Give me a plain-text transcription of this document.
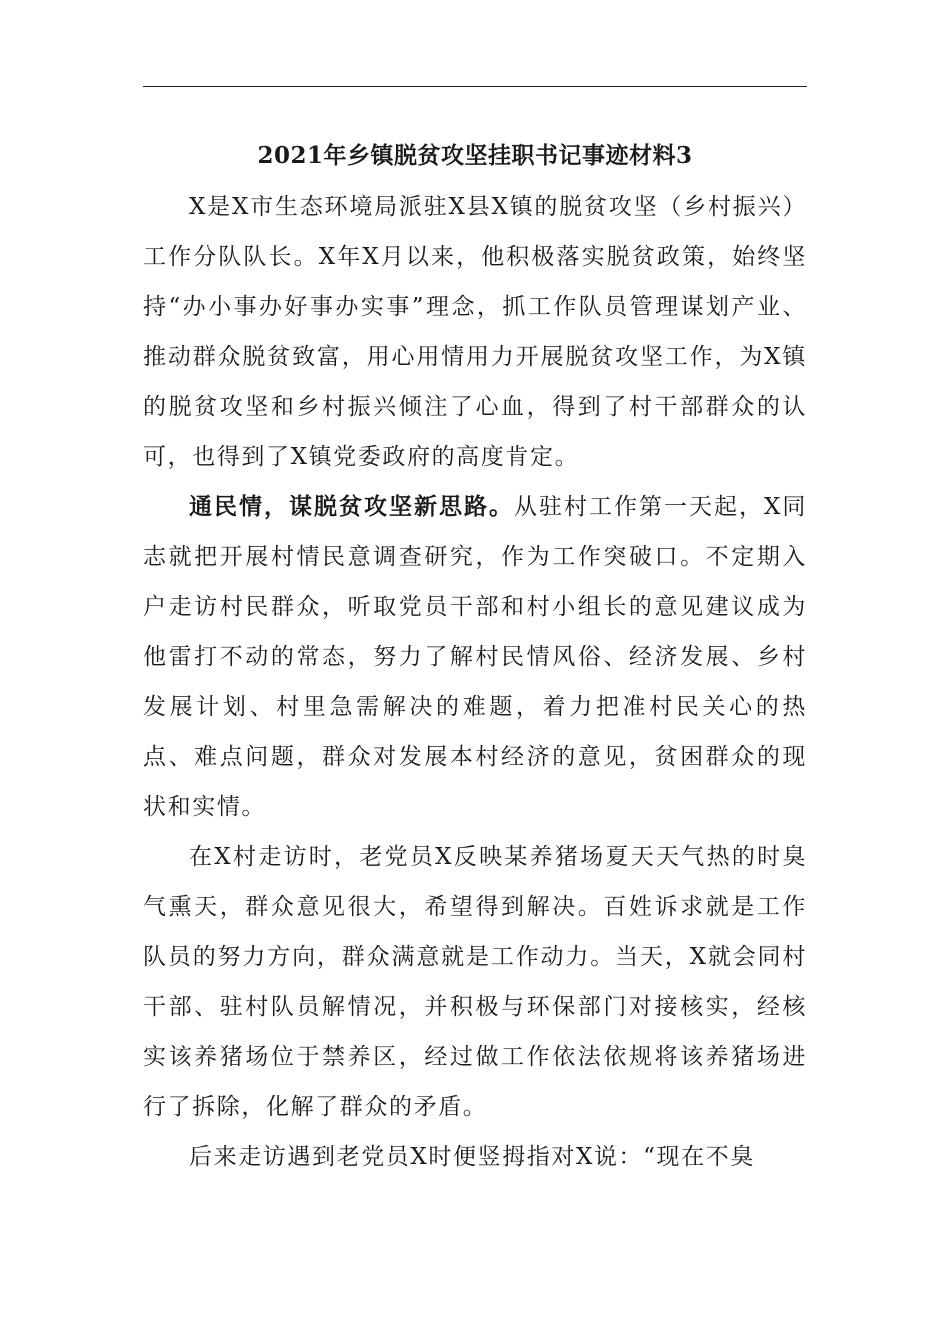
2021年乡镇脱贫攻坚挂职书记事迹材料3

X是X市生态环境局派驻X县X镇的脱贫攻坚（乡村振兴）工作分队队长。X年X月以来，他积极落实脱贫政策，始终坚持“办小事办好事办实事”理念，抓工作队员管理谋划产业、推动群众脱贫致富，用心用情用力开展脱贫攻坚工作，为X镇的脱贫攻坚和乡村振兴倾注了心血，得到了村干部群众的认可，也得到了X镇党委政府的高度肯定。

通民情，谋脱贫攻坚新思路。从驻村工作第一天起，X同志就把开展村情民意调查研究，作为工作突破口。不定期入户走访村民群众，听取党员干部和村小组长的意见建议成为他雷打不动的常态，努力了解村民情风俗、经济发展、乡村发展计划、村里急需解决的难题，着力把准村民关心的热点、难点问题，群众对发展本村经济的意见，贫困群众的现状和实情。

在X村走访时，老党员X反映某养猪场夏天天气热的时臭气熏天，群众意见很大，希望得到解决。百姓诉求就是工作队员的努力方向，群众满意就是工作动力。当天，X就会同村干部、驻村队员解情况，并积极与环保部门对接核实，经核实该养猪场位于禁养区，经过做工作依法依规将该养猪场进行了拆除，化解了群众的矛盾。

后来走访遇到老党员X时便竖拇指对X说：“现在不臭
